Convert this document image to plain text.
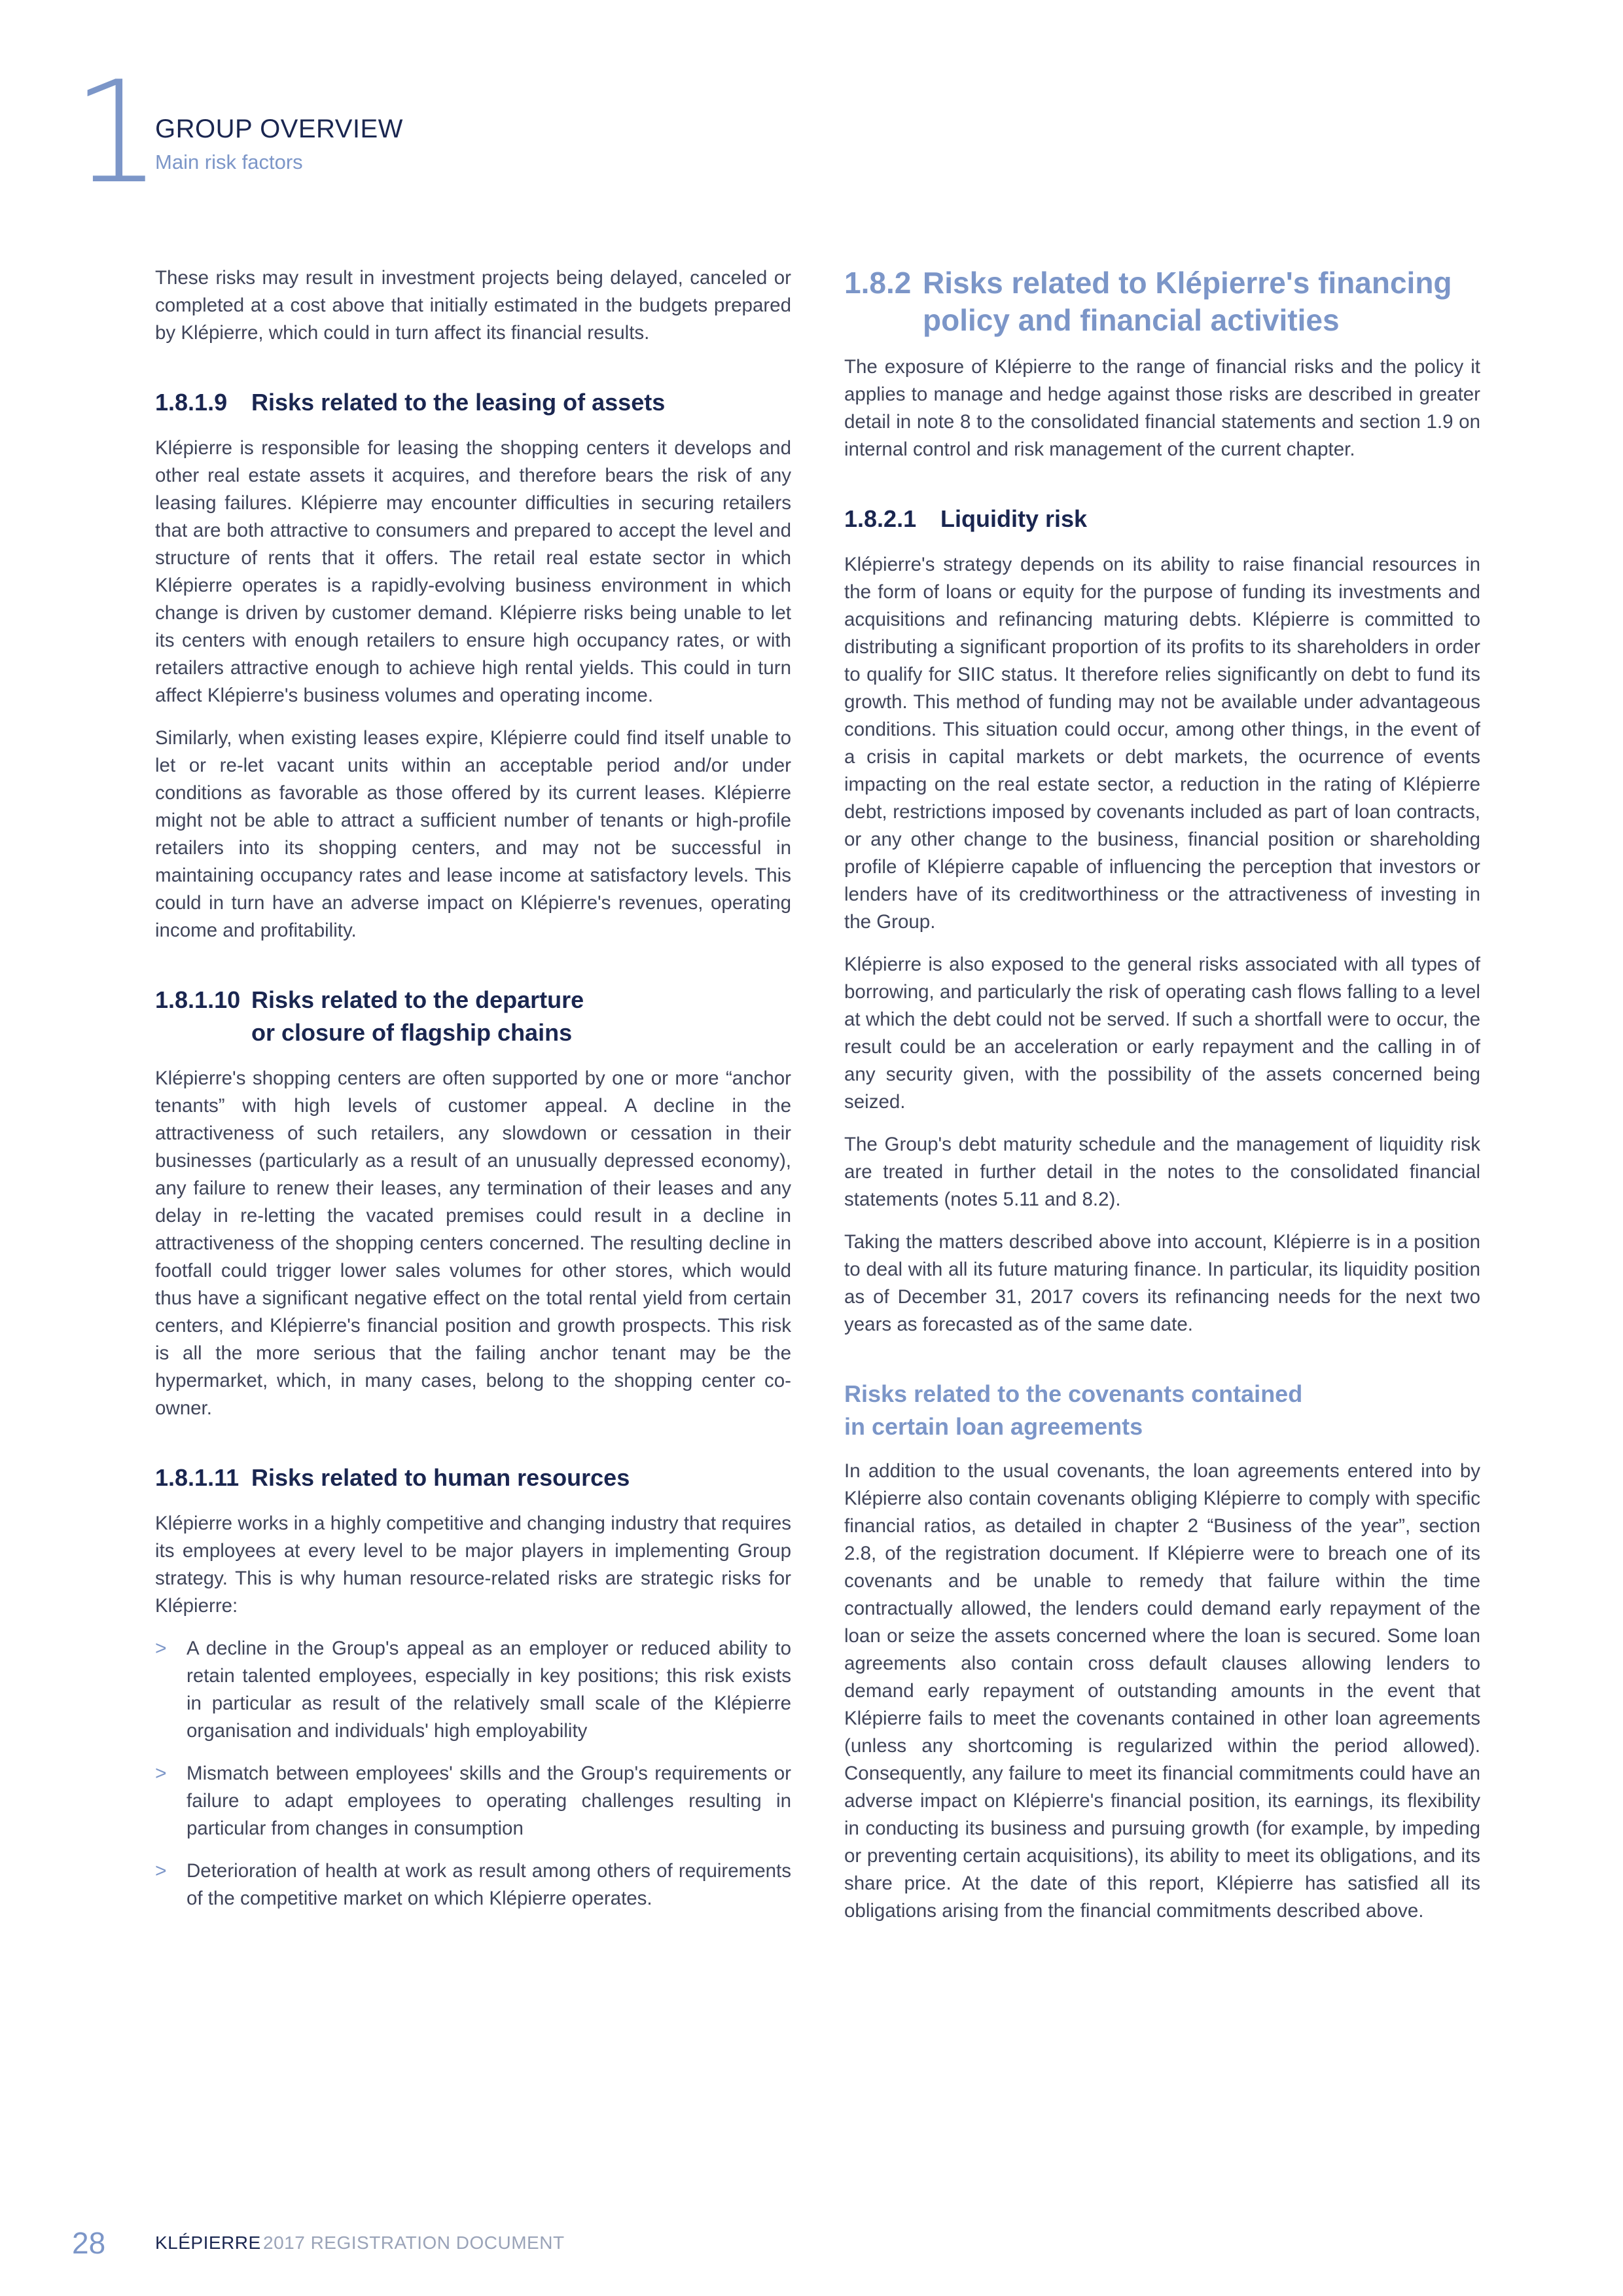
1
GROUP OVERVIEW
Main risk factors

These risks may result in investment projects being delayed, canceled or completed at a cost above that initially estimated in the budgets prepared by Klépierre, which could in turn affect its financial results.

1.8.1.9	Risks related to the leasing of assets

Klépierre is responsible for leasing the shopping centers it develops and other real estate assets it acquires, and therefore bears the risk of any leasing failures. Klépierre may encounter difficulties in securing retailers that are both attractive to consumers and prepared to accept the level and structure of rents that it offers. The retail real estate sector in which Klépierre operates is a rapidly-evolving business environment in which change is driven by customer demand. Klépierre risks being unable to let its centers with enough retailers to ensure high occupancy rates, or with retailers attractive enough to achieve high rental yields. This could in turn affect Klépierre's business volumes and operating income.

Similarly, when existing leases expire, Klépierre could find itself unable to let or re-let vacant units within an acceptable period and/or under conditions as favorable as those offered by its current leases. Klépierre might not be able to attract a sufficient number of tenants or high-profile retailers into its shopping centers, and may not be successful in maintaining occupancy rates and lease income at satisfactory levels. This could in turn have an adverse impact on Klépierre's revenues, operating income and profitability.

1.8.1.10 Risks related to the departure
or closure of flagship chains

Klépierre's shopping centers are often supported by one or more “anchor tenants” with high levels of customer appeal. A decline in the attractiveness of such retailers, any slowdown or cessation in their businesses (particularly as a result of an unusually depressed economy), any failure to renew their leases, any termination of their leases and any delay in re-letting the vacated premises could result in a decline in attractiveness of the shopping centers concerned. The resulting decline in footfall could trigger lower sales volumes for other stores, which would thus have a significant negative effect on the total rental yield from certain centers, and Klépierre's financial position and growth prospects. This risk is all the more serious that the failing anchor tenant may be the hypermarket, which, in many cases, belong to the shopping center co-owner.

1.8.1.11 Risks related to human resources

Klépierre works in a highly competitive and changing industry that requires its employees at every level to be major players in implementing Group strategy. This is why human resource-related risks are strategic risks for Klépierre:

> A decline in the Group's appeal as an employer or reduced ability to retain talented employees, especially in key positions; this risk exists in particular as result of the relatively small scale of the Klépierre organisation and individuals' high employability
> Mismatch between employees' skills and the Group's requirements or failure to adapt employees to operating challenges resulting in particular from changes in consumption
> Deterioration of health at work as result among others of requirements of the competitive market on which Klépierre operates.
1.8.2 Risks related to Klépierre's financing
policy and financial activities

The exposure of Klépierre to the range of financial risks and the policy it applies to manage and hedge against those risks are described in greater detail in note 8 to the consolidated financial statements and section 1.9 on internal control and risk management of the current chapter.

1.8.2.1	Liquidity risk

Klépierre's strategy depends on its ability to raise financial resources in the form of loans or equity for the purpose of funding its investments and acquisitions and refinancing maturing debts. Klépierre is committed to distributing a significant proportion of its profits to its shareholders in order to qualify for SIIC status. It therefore relies significantly on debt to fund its growth. This method of funding may not be available under advantageous conditions. This situation could occur, among other things, in the event of a crisis in capital markets or debt markets, the ocurrence of events impacting on the real estate sector, a reduction in the rating of Klépierre debt, restrictions imposed by covenants included as part of loan contracts, or any other change to the business, financial position or shareholding profile of Klépierre capable of influencing the perception that investors or lenders have of its creditworthiness or the attractiveness of investing in the Group.

Klépierre is also exposed to the general risks associated with all types of borrowing, and particularly the risk of operating cash flows falling to a level at which the debt could not be served. If such a shortfall were to occur, the result could be an acceleration or early repayment and the calling in of any security given, with the possibility of the assets concerned being seized.

The Group's debt maturity schedule and the management of liquidity risk are treated in further detail in the notes to the consolidated financial statements (notes 5.11 and 8.2).

Taking the matters described above into account, Klépierre is in a position to deal with all its future maturing finance. In particular, its liquidity position as of December 31, 2017 covers its refinancing needs for the next two years as forecasted as of the same date.

Risks related to the covenants contained
in certain loan agreements

In addition to the usual covenants, the loan agreements entered into by Klépierre also contain covenants obliging Klépierre to comply with specific financial ratios, as detailed in chapter 2 “Business of the year”, section 2.8, of the registration document. If Klépierre were to breach one of its covenants and be unable to remedy that failure within the time contractually allowed, the lenders could demand early repayment of the loan or seize the assets concerned where the loan is secured. Some loan agreements also contain cross default clauses allowing lenders to demand early repayment of outstanding amounts in the event that Klépierre fails to meet the covenants contained in other loan agreements (unless any shortcoming is regularized within the period allowed). Consequently, any failure to meet its financial commitments could have an adverse impact on Klépierre's financial position, its earnings, its flexibility in conducting its business and pursuing growth (for example, by impeding or preventing certain acquisitions), its ability to meet its obligations, and its share price. At the date of this report, Klépierre has satisfied all its obligations arising from the financial commitments described above.

28	KLÉPIERRE 2017 REGISTRATION DOCUMENT
